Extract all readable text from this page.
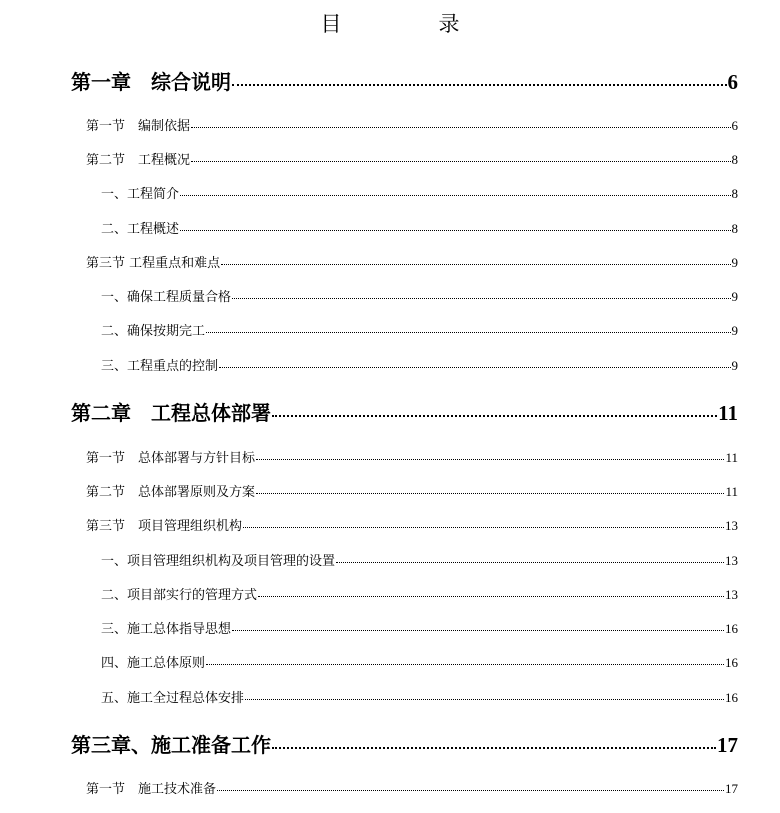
目　录
第一章　综合说明	6
第一节　编制依据	6
第二节　工程概况	8
一、工程简介	8
二、工程概述	8
第三节 工程重点和难点	9
一、确保工程质量合格	9
二、确保按期完工	9
三、工程重点的控制	9
第二章　工程总体部署	11
第一节　总体部署与方针目标	11
第二节　总体部署原则及方案	11
第三节　项目管理组织机构	13
一、项目管理组织机构及项目管理的设置	13
二、项目部实行的管理方式	13
三、施工总体指导思想	16
四、施工总体原则	16
五、施工全过程总体安排	16
第三章、施工准备工作	17
第一节　施工技术准备	17
